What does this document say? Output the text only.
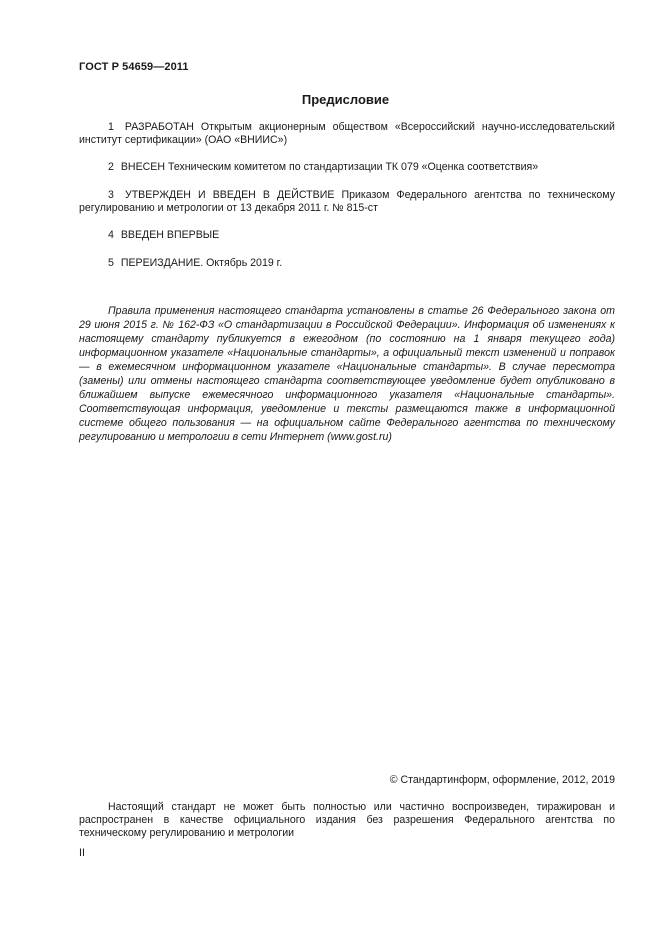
ГОСТ Р 54659—2011
Предисловие
1 РАЗРАБОТАН Открытым акционерным обществом «Всероссийский научно-исследовательский институт сертификации» (ОАО «ВНИИС»)
2 ВНЕСЕН Техническим комитетом по стандартизации ТК 079 «Оценка соответствия»
3 УТВЕРЖДЕН И ВВЕДЕН В ДЕЙСТВИЕ Приказом Федерального агентства по техническому регулированию и метрологии от 13 декабря 2011 г. № 815-ст
4 ВВЕДЕН ВПЕРВЫЕ
5 ПЕРЕИЗДАНИЕ. Октябрь 2019 г.
Правила применения настоящего стандарта установлены в статье 26 Федерального закона от 29 июня 2015 г. № 162-ФЗ «О стандартизации в Российской Федерации». Информация об изменениях к настоящему стандарту публикуется в ежегодном (по состоянию на 1 января текущего года) информационном указателе «Национальные стандарты», а официальный текст изменений и поправок — в ежемесячном информационном указателе «Национальные стандарты». В случае пересмотра (замены) или отмены настоящего стандарта соответствующее уведомление будет опубликовано в ближайшем выпуске ежемесячного информационного указателя «Национальные стандарты». Соответствующая информация, уведомление и тексты размещаются также в информационной системе общего пользования — на официальном сайте Федерального агентства по техническому регулированию и метрологии в сети Интернет (www.gost.ru)
© Стандартинформ, оформление, 2012, 2019
Настоящий стандарт не может быть полностью или частично воспроизведен, тиражирован и распространен в качестве официального издания без разрешения Федерального агентства по техническому регулированию и метрологии
II
